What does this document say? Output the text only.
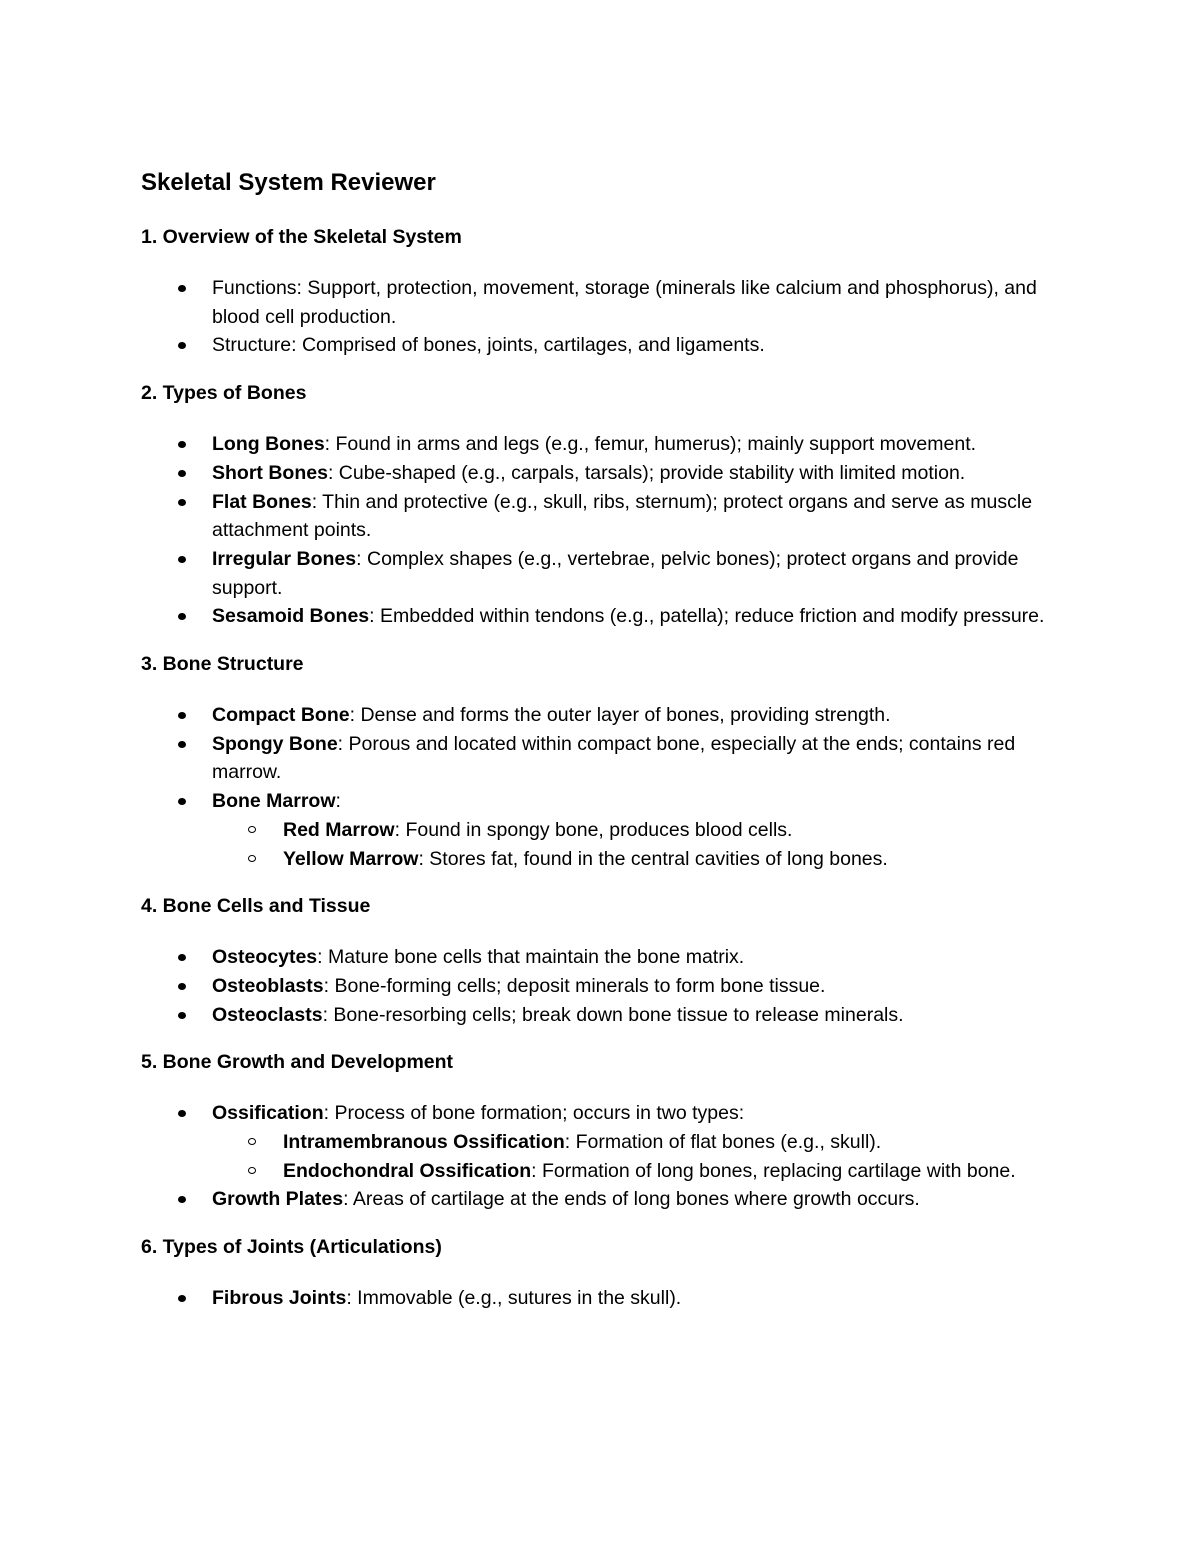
Skeletal System Reviewer
1. Overview of the Skeletal System
Functions: Support, protection, movement, storage (minerals like calcium and phosphorus), and blood cell production.
Structure: Comprised of bones, joints, cartilages, and ligaments.
2. Types of Bones
Long Bones: Found in arms and legs (e.g., femur, humerus); mainly support movement.
Short Bones: Cube-shaped (e.g., carpals, tarsals); provide stability with limited motion.
Flat Bones: Thin and protective (e.g., skull, ribs, sternum); protect organs and serve as muscle attachment points.
Irregular Bones: Complex shapes (e.g., vertebrae, pelvic bones); protect organs and provide support.
Sesamoid Bones: Embedded within tendons (e.g., patella); reduce friction and modify pressure.
3. Bone Structure
Compact Bone: Dense and forms the outer layer of bones, providing strength.
Spongy Bone: Porous and located within compact bone, especially at the ends; contains red marrow.
Bone Marrow:
Red Marrow: Found in spongy bone, produces blood cells.
Yellow Marrow: Stores fat, found in the central cavities of long bones.
4. Bone Cells and Tissue
Osteocytes: Mature bone cells that maintain the bone matrix.
Osteoblasts: Bone-forming cells; deposit minerals to form bone tissue.
Osteoclasts: Bone-resorbing cells; break down bone tissue to release minerals.
5. Bone Growth and Development
Ossification: Process of bone formation; occurs in two types:
Intramembranous Ossification: Formation of flat bones (e.g., skull).
Endochondral Ossification: Formation of long bones, replacing cartilage with bone.
Growth Plates: Areas of cartilage at the ends of long bones where growth occurs.
6. Types of Joints (Articulations)
Fibrous Joints: Immovable (e.g., sutures in the skull).
